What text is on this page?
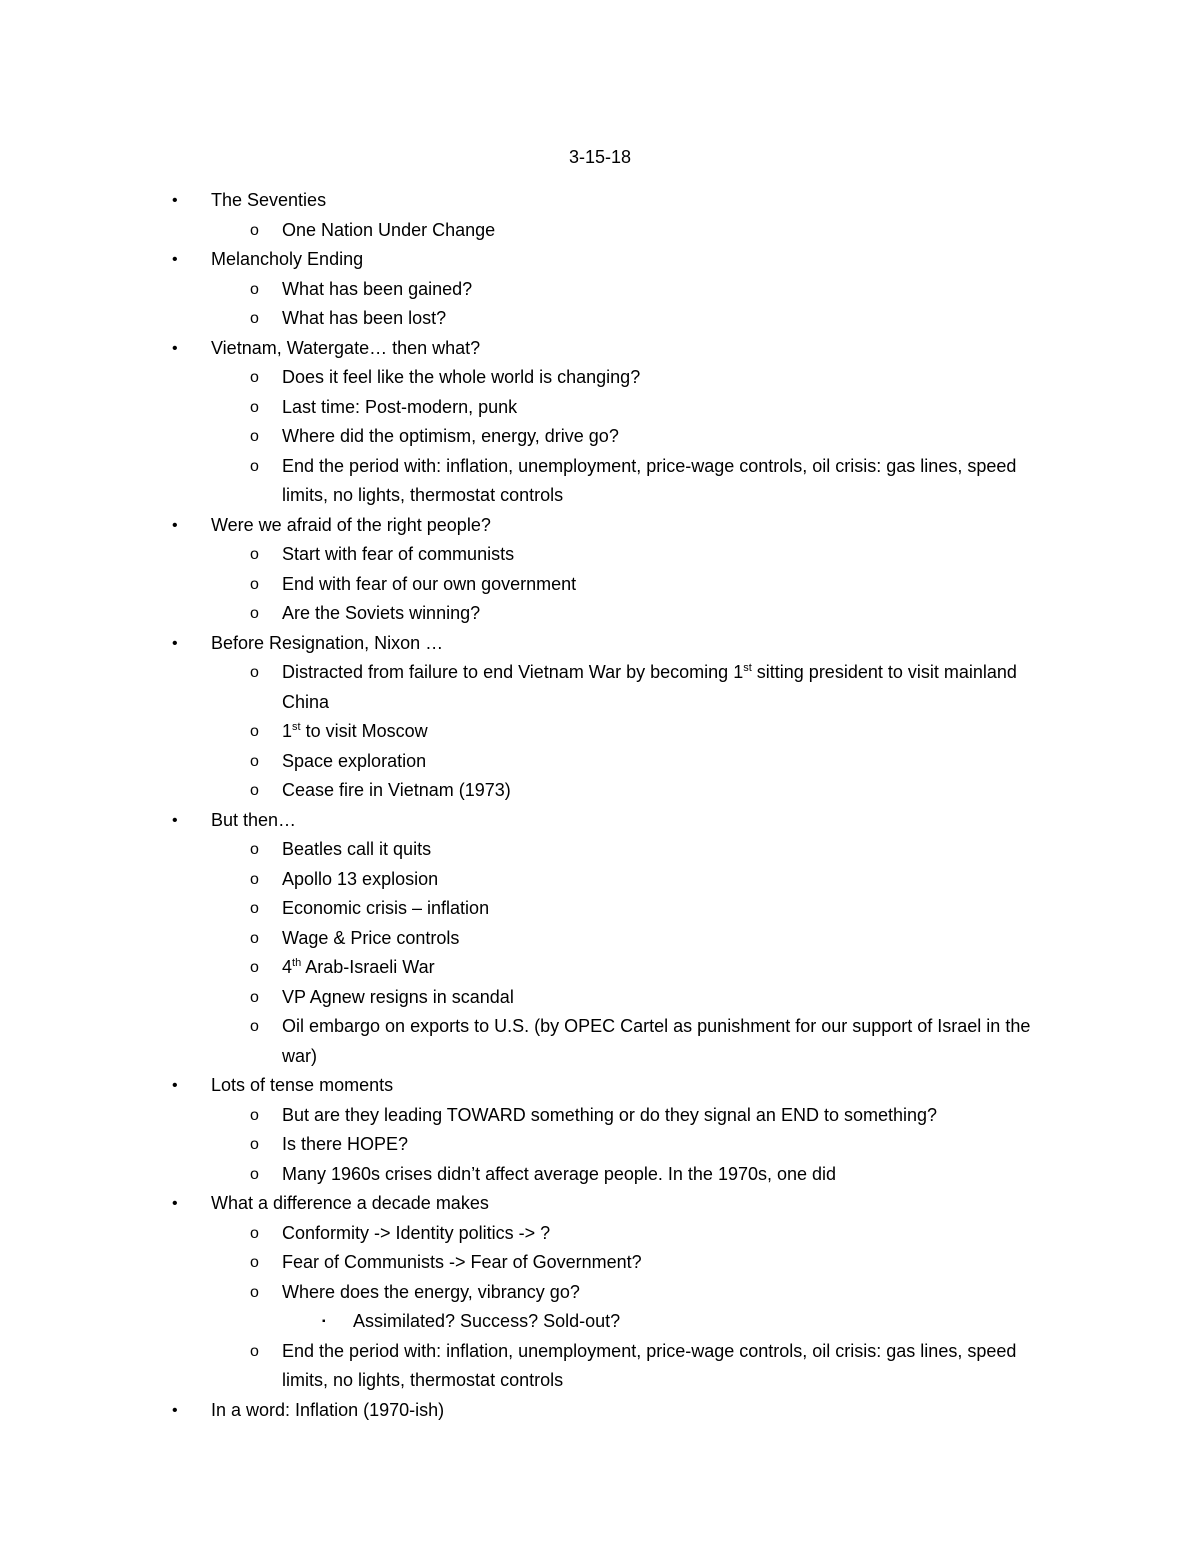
3-15-18
• The Seventies
o One Nation Under Change
• Melancholy Ending
o What has been gained?
o What has been lost?
• Vietnam, Watergate… then what?
o Does it feel like the whole world is changing?
o Last time: Post-modern, punk
o Where did the optimism, energy, drive go?
o End the period with: inflation, unemployment, price-wage controls, oil crisis: gas lines, speed limits, no lights, thermostat controls
• Were we afraid of the right people?
o Start with fear of communists
o End with fear of our own government
o Are the Soviets winning?
• Before Resignation, Nixon …
o Distracted from failure to end Vietnam War by becoming 1st sitting president to visit mainland China
o 1st to visit Moscow
o Space exploration
o Cease fire in Vietnam (1973)
• But then…
o Beatles call it quits
o Apollo 13 explosion
o Economic crisis – inflation
o Wage & Price controls
o 4th Arab-Israeli War
o VP Agnew resigns in scandal
o Oil embargo on exports to U.S. (by OPEC Cartel as punishment for our support of Israel in the war)
• Lots of tense moments
o But are they leading TOWARD something or do they signal an END to something?
o Is there HOPE?
o Many 1960s crises didn’t affect average people. In the 1970s, one did
• What a difference a decade makes
o Conformity -> Identity politics -> ?
o Fear of Communists -> Fear of Government?
o Where does the energy, vibrancy go?
▪ Assimilated? Success? Sold-out?
o End the period with: inflation, unemployment, price-wage controls, oil crisis: gas lines, speed limits, no lights, thermostat controls
• In a word: Inflation (1970-ish)
